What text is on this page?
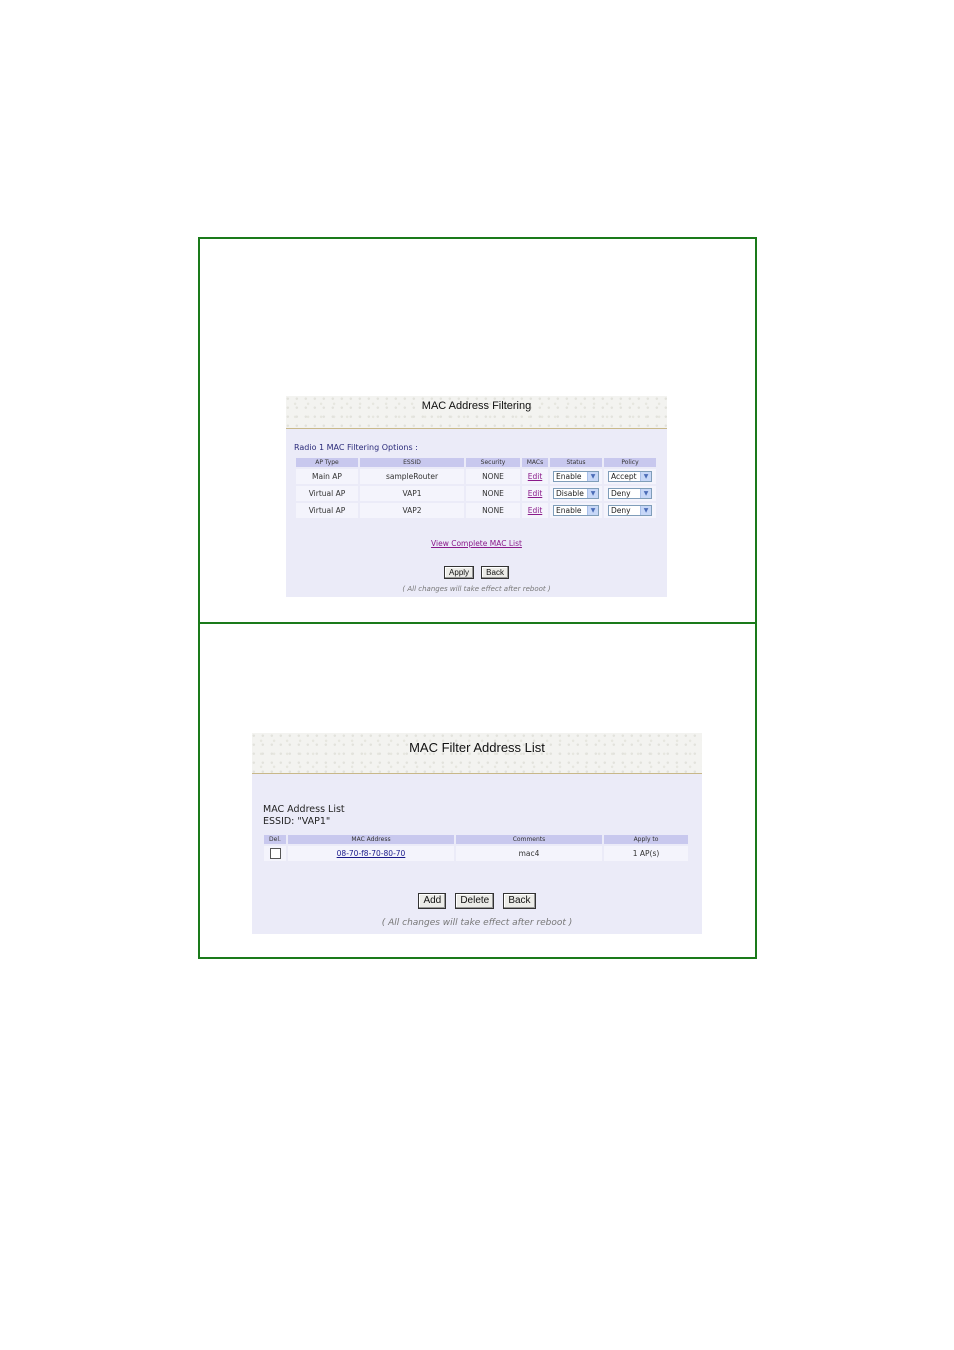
MAC Address Filtering
Radio 1 MAC Filtering Options :
AP Type	ESSID	Security	MACs	Status	Policy
Main AP	sampleRouter	NONE	Edit	Enable ▼	Accept ▼

Virtual AP	VAP1	NONE	Edit	Disable ▼	Deny ▼

Virtual AP	VAP2	NONE	Edit	Enable ▼	Deny ▼
View Complete MAC List
Apply Back
( All changes will take effect after reboot )
MAC Filter Address List
MAC Address List
ESSID: "VAP1"
Del.	MAC Address	Comments	Apply to
	08-70-f8-70-80-70	mac4	1 AP(s)
Add Delete Back
( All changes will take effect after reboot )
